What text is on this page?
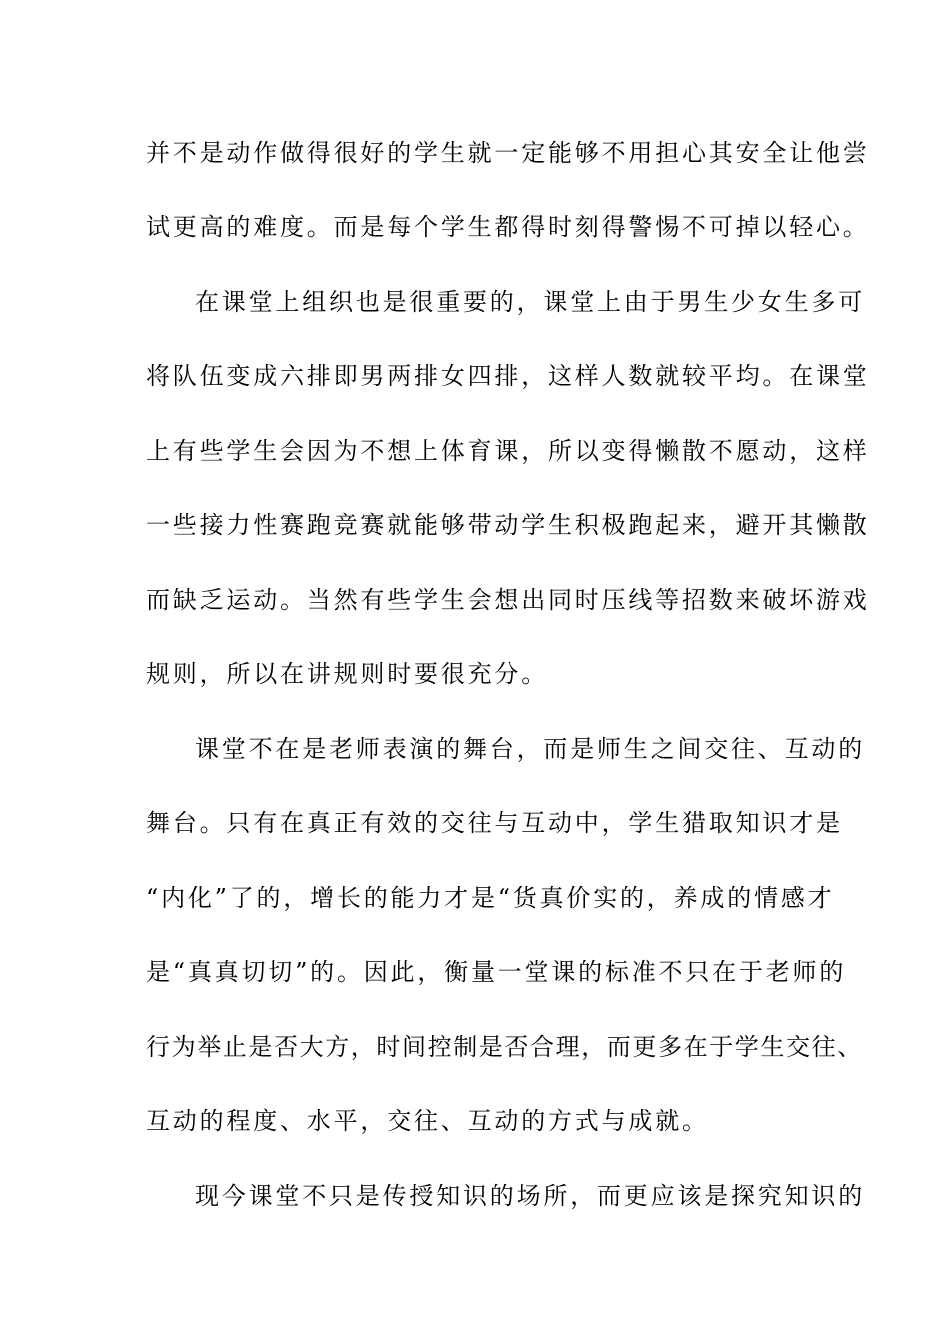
并不是动作做得很好的学生就一定能够不用担心其安全让他尝
试更高的难度。而是每个学生都得时刻得警惕不可掉以轻心。
在课堂上组织也是很重要的，课堂上由于男生少女生多可
将队伍变成六排即男两排女四排，这样人数就较平均。在课堂
上有些学生会因为不想上体育课，所以变得懒散不愿动，这样
一些接力性赛跑竞赛就能够带动学生积极跑起来，避开其懒散
而缺乏运动。当然有些学生会想出同时压线等招数来破坏游戏
规则，所以在讲规则时要很充分。
课堂不在是老师表演的舞台，而是师生之间交往、互动的
舞台。只有在真正有效的交往与互动中，学生猎取知识才是
“内化”了的，增长的能力才是“货真价实的，养成的情感才
是“真真切切”的。因此，衡量一堂课的标准不只在于老师的
行为举止是否大方，时间控制是否合理，而更多在于学生交往、
互动的程度、水平，交往、互动的方式与成就。
现今课堂不只是传授知识的场所，而更应该是探究知识的
